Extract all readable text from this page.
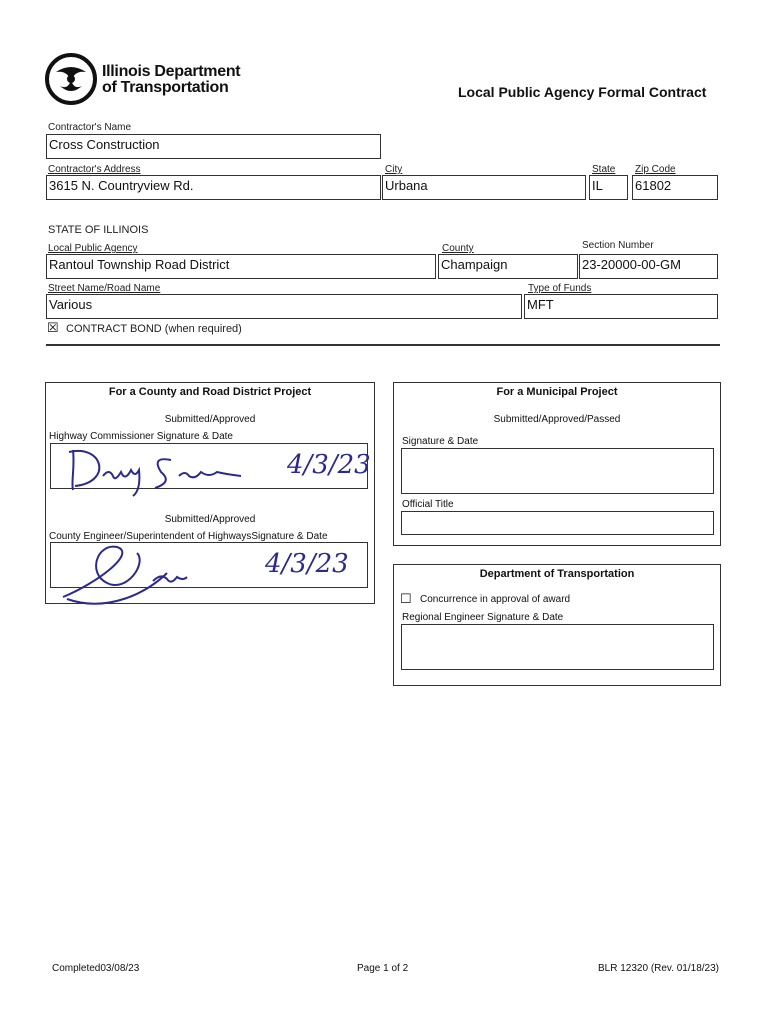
Illinois Department
of Transportation	Local Public Agency Formal Contract
Contractor's Name
Cross Construction
Contractor's Address
3615 N. Countryview Rd.
City
Urbana
State
IL
Zip Code
61802
STATE OF ILLINOIS
Local Public Agency
Rantoul Township Road District
County
Champaign
Section Number
23-20000-00-GM
Street Name/Road Name
Various
Type of Funds
MFT
☒ CONTRACT BOND (when required)
For a County and Road District Project
Submitted/Approved
Highway Commissioner Signature & Date
4/3/23
Submitted/Approved
County Engineer/Superintendent of HighwaysSignature & Date
4/3/23
For a Municipal Project
Submitted/Approved/Passed
Signature & Date
Official Title
Department of Transportation
☐ Concurrence in approval of award
Regional Engineer Signature & Date
Completed03/08/23	Page 1 of 2	BLR 12320 (Rev. 01/18/23)
